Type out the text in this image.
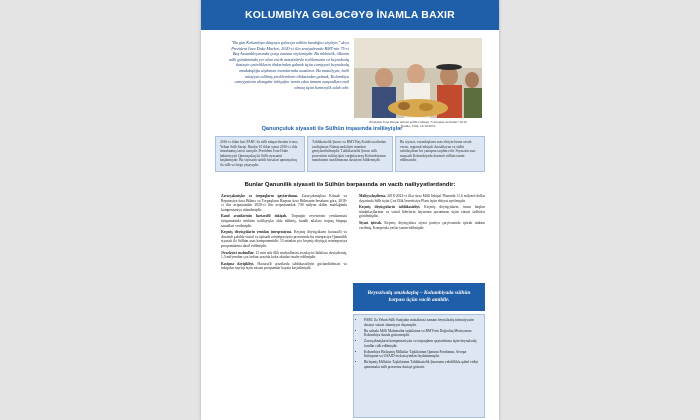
KOLUMBİYA GƏLƏCƏYƏ İNAMLA BAXIR
"Bu gün Kolumbiya dünyaya gələcəyə nikbin baxdığını söyləyir," deyə Prezident İvan Duke Markes, 2020-ci ilin sentyabrında BMT-nin 75-ci Baş Assambleyasında çıxışı zamanı söyləmişdir. Bu nikbinlik, ölkənin milli gündəmində yer alan vacib məsələlərdə irəliləmənin və beynəlxalq dəstəyin çətinliklərin öhdəsindən gəlmək üçün cəmiyyəti beynəlxalq əməkdaşlığa söykənən inamlarında əsaslanır. Bu məsuliyyət, həlli müəyyən edilmiş problemlərin öhdəsindən gəlmək, Kolumbiya cəmiyyətinin ahəngdar inkişafını təmin edən ümumi məqsədlərə nail olmaq üçün həmrəylik tələb edir.
Prezident İvan Duque dairəsi tədbiri zamanı "Cartajena de Indias" 2019
Nariño, Villa, 19/10/2019
Qanunçuluk siyasəti ilə Sülhün inşasında irəliləyişlər
2016-cı ildən bəri FARC ilə sülh müqaviləsinin icrası; Yekun Sülh Sazişi. Bunlar 10 ildən sonra 2016-cı ildə imzalanmış tarixi sazişdir. Prezident İvan Duke hakimiyyəti Qanunçuluq ilə Sülh siyasətini başlatmışdır. Bu siyasətin tərkib hissələri qanunçuluq ilə sülh və birgə yaşayışdır.
Təhlükəsizlik Şurası və BMT Baş Katibi tərəfindən təsdiqlənən Nümayəndəliyin mandatı genişləndirilmişdir. Təhlükəsizlik Şurası sülh prosesinin irəliləyişini vurğulayaraq Kolumbiyanın mandatının uzadılmasına dəstəyini bildirmişdir.
Bu siyasət, vətəndaşların əsas ehtiyaclarına cavab verən, regional inkişafı dəstəkləyən və sülhü sabitləşdirən bir yanaşma təqdim edir. Siyasətin əsas məqsədi Kolumbiyada davamlı sülhün təmin edilməsidir.
Bunlar Qanunilik siyasəti ilə Sülhün bərpasında ən vacib nailiyyətlərdəndir:
• Zərərçəkmişlər və torpaqların qaytarılması. Zərərçəkmişlərə Kömək və Reparasiya üzrə Bölmə və Torpaqların Bərpası üzrə Bölmənin hesabına görə, 2018-ci ilin avqustundan 2020-ci ilin avqustunadək 740 milyon dollar məbləğində kompensasiya ödənilmişdir.
• Kənd ərazilərinin hərtərəfli inkişafı. Torpaqlar reyestrinin yenilənməsi istiqamətində mühüm irəliləyişlər əldə edilmiş, kəndli ailələrə torpaq hüququ sənədləri verilmişdir.
• Keçmiş döyüşçülərin yenidən inteqrasiyası. Keçmiş döyüşçülərin hərtərəfli və davamlı şəkildə sosial və iqtisadi reinteqrasiyası prosesində bu inteqrasiya Qanunilik siyasəti ilə Sülhün əsas komponentidir. 13 mindən çox keçmiş döyüşçü reinteqrasiya proqramlarına daxil edilmişdir.
• Əvəzləyici məhsullar. 13 min ailə illik məhsullarını əvəzləyici bitkilərə dəyişdirmiş, 1,3 milyondan çox hektar ərazidə koka əkinləri məhv edilmişdir.
• Kəsişmə dəyişikliyi. Hərtərəfli ərazilərdə təhlükəsizliyin gücləndirilməsi və inkişafın təşviqi üçün xüsusi proqramlar həyata keçirilmişdir.
• Maliyyələşdirmə. 2018-2022-ci illər üzrə Milli İnkişaf Planında 11,6 milyard dollar dəyərində Sülh üçün Çox İllik İnvestisiya Planı üçün ehtiyat ayrılmışdır.
• Keçmiş döyüşçülərin təhlükəsizliyi. Keçmiş döyüşçülərin, insan haqları müdafiəçilərinin və sosial liderlərin həyatının qorunması üçün xüsusi tədbirlər görülmüşdür.
• Siyasi iştirak. Keçmiş döyüşçülərə siyasi partiya çərçivəsində iştirak imkanı verilmiş, Konqresdə yerlər təmin edilmişdir.
Beynəlxalq əməkdaşlıq – Kolumbiyada sülhün bərpası üçün vacib amildir.
• FARC ilə Yekun Sülh Sazişinin müzakirəsi zamanı beynəlxalq ictimaiyyətin dəstəyi xüsusi əhəmiyyət daşımışdır.
• Bu sahədə Milli Məlumatlar təşkilatına və BMT-nin Doğruluq Missiyasına Kolumbiya dəstək göstərmişdir.
• Zərərçəkmişlərin kompensasiyası və torpaqların qaytarılması üçün beynəlxalq fondlar cəlb edilmişdir.
• Kolumbiya Birləşmiş Millətlər Təşkilatının Qanunu Fondunun, Avropa İttifaqının və USAID-in dəstəyindən faydalanmışdır.
• Birləşmiş Millətlər Təşkilatının Təhlükəsizlik Şurasının yekdilliklə qəbul etdiyi qətnamələr sülh prosesinə dəstəyi göstərir.
